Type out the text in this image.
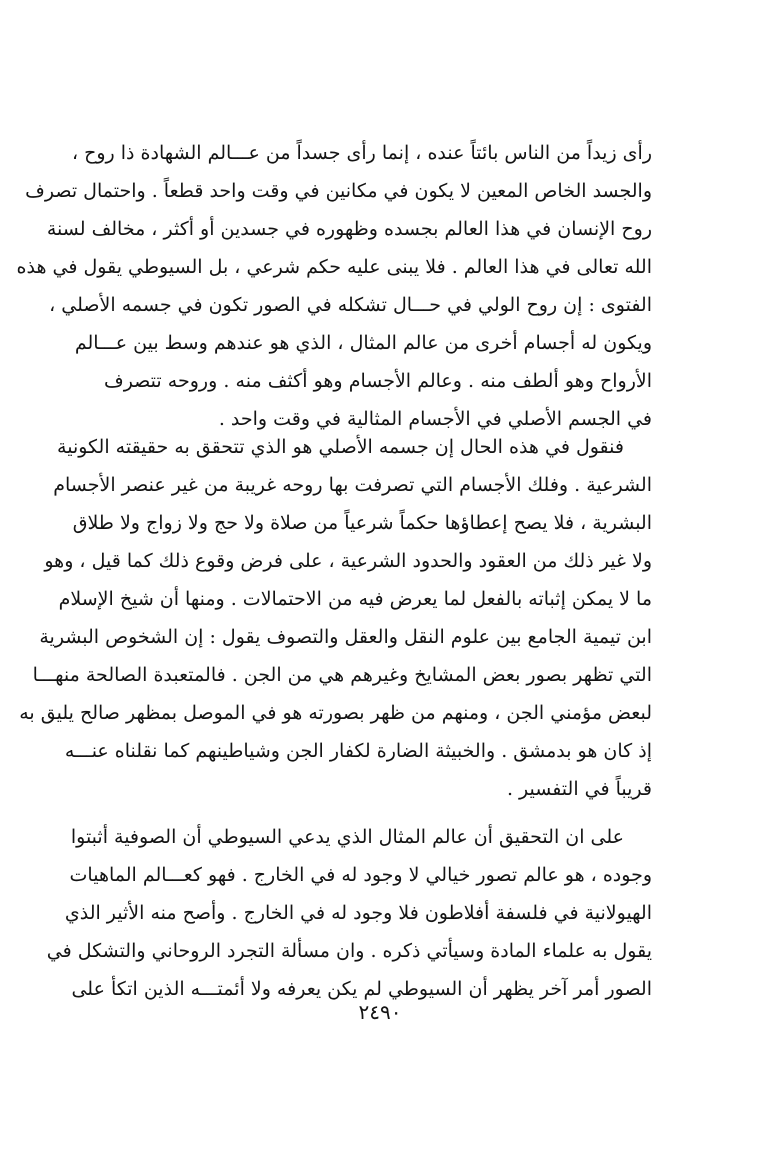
رأى زيداً من الناس بائتاً عنده ، إنما رأى جسداً من عـــالم الشهادة ذا روح ،
والجسد الخاص المعين لا يكون في مكانين في وقت واحد قطعاً . واحتمال تصرف
روح الإنسان في هذا العالم بجسده وظهوره في جسدين أو أكثر ، مخالف لسنة
الله تعالى في هذا العالم . فلا يبنى عليه حكم شرعي ، بل السيوطي يقول في هذه
الفتوى : إن روح الولي في حـــال تشكله في الصور تكون في جسمه الأصلي ،
ويكون له أجسام أخرى من عالم المثال ، الذي هو عندهم وسط بين عـــالم
الأرواح وهو ألطف منه . وعالم الأجسام وهو أكثف منه . وروحه تتصرف
في الجسم الأصلي في الأجسام المثالية في وقت واحد .
فنقول في هذه الحال إن جسمه الأصلي هو الذي تتحقق به حقيقته الكونية
الشرعية . وفلك الأجسام التي تصرفت بها روحه غريبة من غير عنصر الأجسام
البشرية ، فلا يصح إعطاؤها حكماً شرعياً من صلاة ولا حج ولا زواج ولا طلاق
ولا غير ذلك من العقود والحدود الشرعية ، على فرض وقوع ذلك كما قيل ، وهو
ما لا يمكن إثباته بالفعل لما يعرض فيه من الاحتمالات . ومنها أن شيخ الإسلام
ابن تيمية الجامع بين علوم النقل والعقل والتصوف يقول : إن الشخوص البشرية
التي تظهر بصور بعض المشايخ وغيرهم هي من الجن . فالمتعبدة الصالحة منهـــا
لبعض مؤمني الجن ، ومنهم من ظهر بصورته هو في الموصل بمظهر صالح يليق به
إذ كان هو بدمشق . والخبيثة الضارة لكفار الجن وشياطينهم كما نقلناه عنـــه
قريباً في التفسير .
على ان التحقيق أن عالم المثال الذي يدعي السيوطي أن الصوفية أثبتوا
وجوده ، هو عالم تصور خيالي لا وجود له في الخارج . فهو كعـــالم الماهيات
الهيولانية في فلسفة أفلاطون فلا وجود له في الخارج . وأصح منه الأثير الذي
يقول به علماء المادة وسيأتي ذكره . وان مسألة التجرد الروحاني والتشكل في
الصور أمر آخر يظهر أن السيوطي لم يكن يعرفه ولا أئمتـــه الذين اتكأ على
٢٤٩٠
